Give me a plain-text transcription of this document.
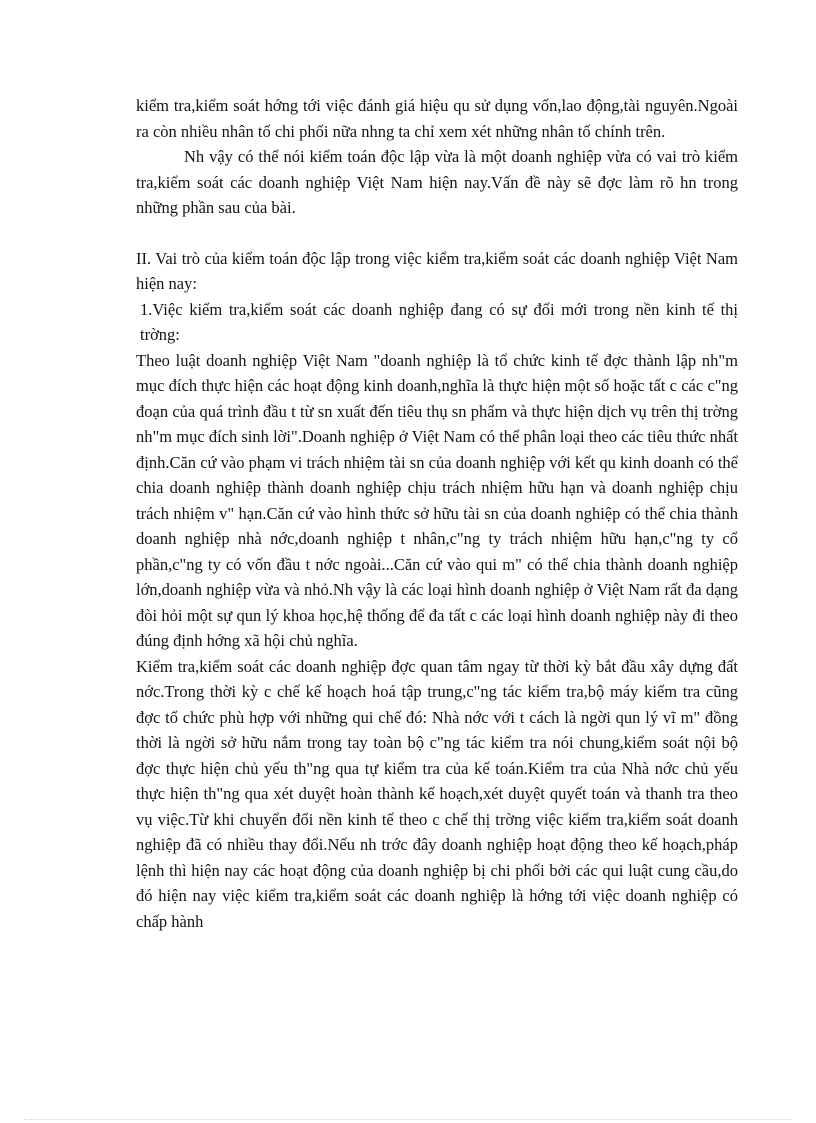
kiểm tra,kiểm soát hớng tới việc đánh giá hiệu qu sử dụng vốn,lao động,tài nguyên.Ngoài ra còn nhiều nhân tố chi phối nữa nhng ta chỉ xem xét những nhân tố chính trên.

Nh vậy có thể nói kiểm toán độc lập vừa là một doanh nghiệp vừa có vai trò kiểm tra,kiểm soát các doanh nghiệp Việt Nam hiện nay.Vấn đề này sẽ đợc làm rõ hn trong những phần sau của bài.

II. Vai trò của kiểm toán độc lập trong việc kiểm tra,kiểm soát các doanh nghiệp Việt Nam hiện nay:

1.Việc kiểm tra,kiểm soát các doanh nghiệp đang có sự đổi mới trong nền kinh tế thị trờng:

Theo luật doanh nghiệp Việt Nam "doanh nghiệp là tổ chức kinh tế đợc thành lập nh"m mục đích thực hiện các hoạt động kinh doanh,nghĩa là thực hiện một số hoặc tất c các c"ng đoạn của quá trình đầu t từ sn xuất đến tiêu thụ sn phẩm và thực hiện dịch vụ trên thị trờng nh"m mục đích sinh lời".Doanh nghiệp ở Việt Nam có thể phân loại theo các tiêu thức nhất định.Căn cứ vào phạm vi trách nhiệm tài sn của doanh nghiệp với kết qu kinh doanh có thể chia doanh nghiệp thành doanh nghiệp chịu trách nhiệm hữu hạn và doanh nghiệp chịu trách nhiệm v" hạn.Căn cứ vào hình thức sở hữu tài sn của doanh nghiệp có thể chia thành doanh nghiệp nhà nớc,doanh nghiệp t nhân,c"ng ty trách nhiệm hữu hạn,c"ng ty cổ phần,c"ng ty có vốn đầu t nớc ngoài...Căn cứ vào qui m" có thể chia thành doanh nghiệp lớn,doanh nghiệp vừa và nhỏ.Nh vậy là các loại hình doanh nghiệp ở Việt Nam rất đa dạng đòi hỏi một sự qun lý khoa học,hệ thống để đa tất c các loại hình doanh nghiệp này đi theo đúng định hớng xã hội chủ nghĩa.

Kiểm tra,kiểm soát các doanh nghiệp đợc quan tâm ngay từ thời kỳ bắt đầu xây dựng đất nớc.Trong thời kỳ c chế kế hoạch hoá tập trung,c"ng tác kiểm tra,bộ máy kiểm tra cũng đợc tổ chức phù hợp với những qui chế đó: Nhà nớc với t cách là ngời qun lý vĩ m" đồng thời là ngời sở hữu nắm trong tay toàn bộ c"ng tác kiểm tra nói chung,kiểm soát nội bộ đợc thực hiện chủ yếu th"ng qua tự kiểm tra của kế toán.Kiểm tra của Nhà nớc chủ yếu thực hiện th"ng qua xét duyệt hoàn thành kế hoạch,xét duyệt quyết toán và thanh tra theo vụ việc.Từ khi chuyển đổi nền kinh tế theo c chế thị trờng việc kiểm tra,kiểm soát doanh nghiệp đã có nhiều thay đổi.Nếu nh trớc đây doanh nghiệp hoạt động theo kế hoạch,pháp lệnh thì hiện nay các hoạt động của doanh nghiệp bị chi phối bởi các qui luật cung cầu,do đó hiện nay việc kiểm tra,kiểm soát các doanh nghiệp là hớng tới việc doanh nghiệp có chấp hành
